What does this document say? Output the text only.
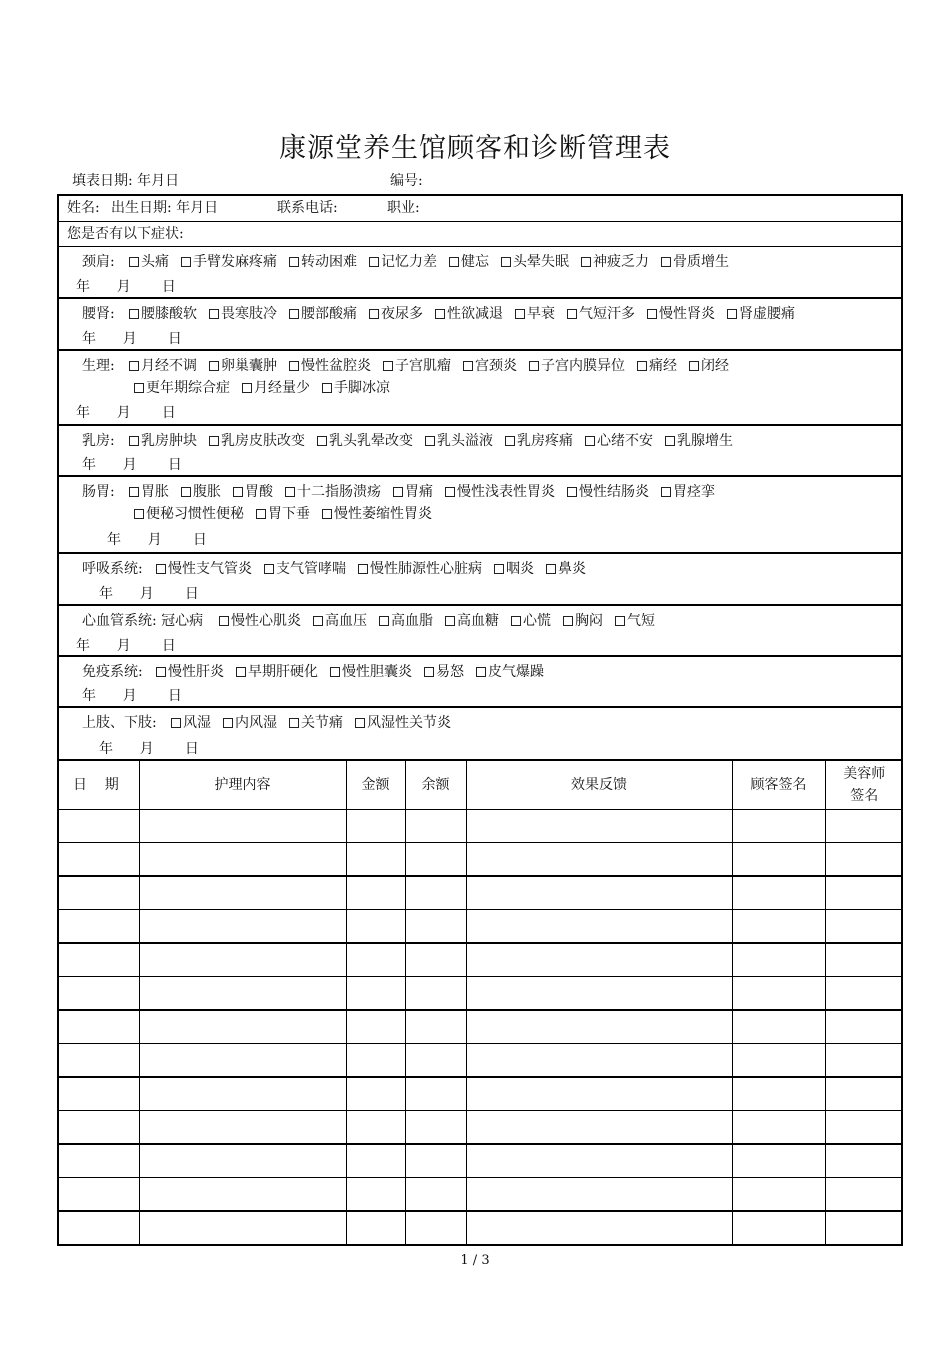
康源堂养生馆顾客和诊断管理表
填表日期: 年月日	编号:
姓名: 出生日期: 年月日	联系电话:	职业:
您是否有以下症状:
颈肩:	头痛 手臂发麻疼痛 转动困难 记忆力差 健忘 头晕失眠 神疲乏力 骨质增生
年      月       日
腰肾:	腰膝酸软 畏寒肢冷 腰部酸痛 夜尿多 性欲减退 早衰 气短汗多 慢性肾炎 肾虚腰痛
年      月       日
生理:	月经不调 卵巢囊肿 慢性盆腔炎 子宫肌瘤 宫颈炎 子宫内膜异位 痛经 闭经
更年期综合症 月经量少 手脚冰凉
年      月       日
乳房:	乳房肿块 乳房皮肤改变 乳头乳晕改变 乳头溢液 乳房疼痛 心绪不安 乳腺增生
年      月       日
肠胃:	胃胀 腹胀 胃酸 十二指肠溃疡 胃痛 慢性浅表性胃炎 慢性结肠炎 胃痉挛
便秘习惯性便秘 胃下垂 慢性萎缩性胃炎
年      月       日
呼吸系统:	慢性支气管炎 支气管哮喘 慢性肺源性心脏病 咽炎 鼻炎
年      月       日
心血管系统: 冠心病	慢性心肌炎 高血压 高血脂 高血糖 心慌 胸闷 气短
年      月       日
免疫系统:	慢性肝炎 早期肝硬化 慢性胆囊炎 易怒 皮气爆躁
年      月       日
上肢、下肢:	风湿 内风湿 关节痛 风湿性关节炎
年      月       日
日    期	护理内容	金额	余额	效果反馈	顾客签名	美容师
签名

1 / 3
